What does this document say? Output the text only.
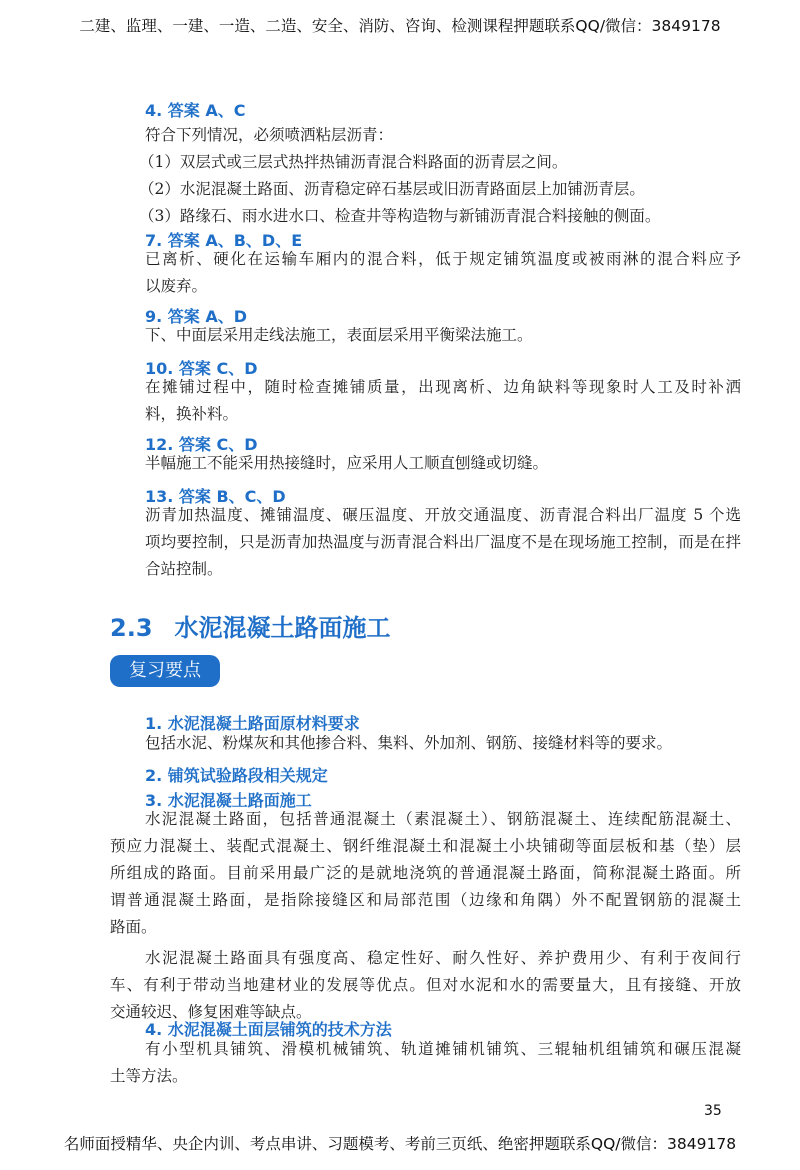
二建、监理、一建、一造、二造、安全、消防、咨询、检测课程押题联系QQ/微信：3849178
4. 答案 A、C
符合下列情况，必须喷洒粘层沥青：
（1）双层式或三层式热拌热铺沥青混合料路面的沥青层之间。
（2）水泥混凝土路面、沥青稳定碎石基层或旧沥青路面层上加铺沥青层。
（3）路缘石、雨水进水口、检查井等构造物与新铺沥青混合料接触的侧面。
7. 答案 A、B、D、E
已离析、硬化在运输车厢内的混合料，低于规定铺筑温度或被雨淋的混合料应予
以废弃。
9. 答案 A、D
下、中面层采用走线法施工，表面层采用平衡梁法施工。
10. 答案 C、D
在摊铺过程中，随时检查摊铺质量，出现离析、边角缺料等现象时人工及时补洒
料，换补料。
12. 答案 C、D
半幅施工不能采用热接缝时，应采用人工顺直刨缝或切缝。
13. 答案 B、C、D
沥青加热温度、摊铺温度、碾压温度、开放交通温度、沥青混合料出厂温度 5 个选
项均要控制，只是沥青加热温度与沥青混合料出厂温度不是在现场施工控制，而是在拌
合站控制。
2.3 水泥混凝土路面施工
复习要点
1. 水泥混凝土路面原材料要求
包括水泥、粉煤灰和其他掺合料、集料、外加剂、钢筋、接缝材料等的要求。
2. 铺筑试验路段相关规定
3. 水泥混凝土路面施工
水泥混凝土路面，包括普通混凝土（素混凝土）、钢筋混凝土、连续配筋混凝土、
预应力混凝土、装配式混凝土、钢纤维混凝土和混凝土小块铺砌等面层板和基（垫）层
所组成的路面。目前采用最广泛的是就地浇筑的普通混凝土路面，简称混凝土路面。所
谓普通混凝土路面，是指除接缝区和局部范围（边缘和角隅）外不配置钢筋的混凝土
路面。
水泥混凝土路面具有强度高、稳定性好、耐久性好、养护费用少、有利于夜间行
车、有利于带动当地建材业的发展等优点。但对水泥和水的需要量大，且有接缝、开放
交通较迟、修复困难等缺点。
4. 水泥混凝土面层铺筑的技术方法
有小型机具铺筑、滑模机械铺筑、轨道摊铺机铺筑、三辊轴机组铺筑和碾压混凝
土等方法。
35
名师面授精华、央企内训、考点串讲、习题模考、考前三页纸、绝密押题联系QQ/微信：3849178
